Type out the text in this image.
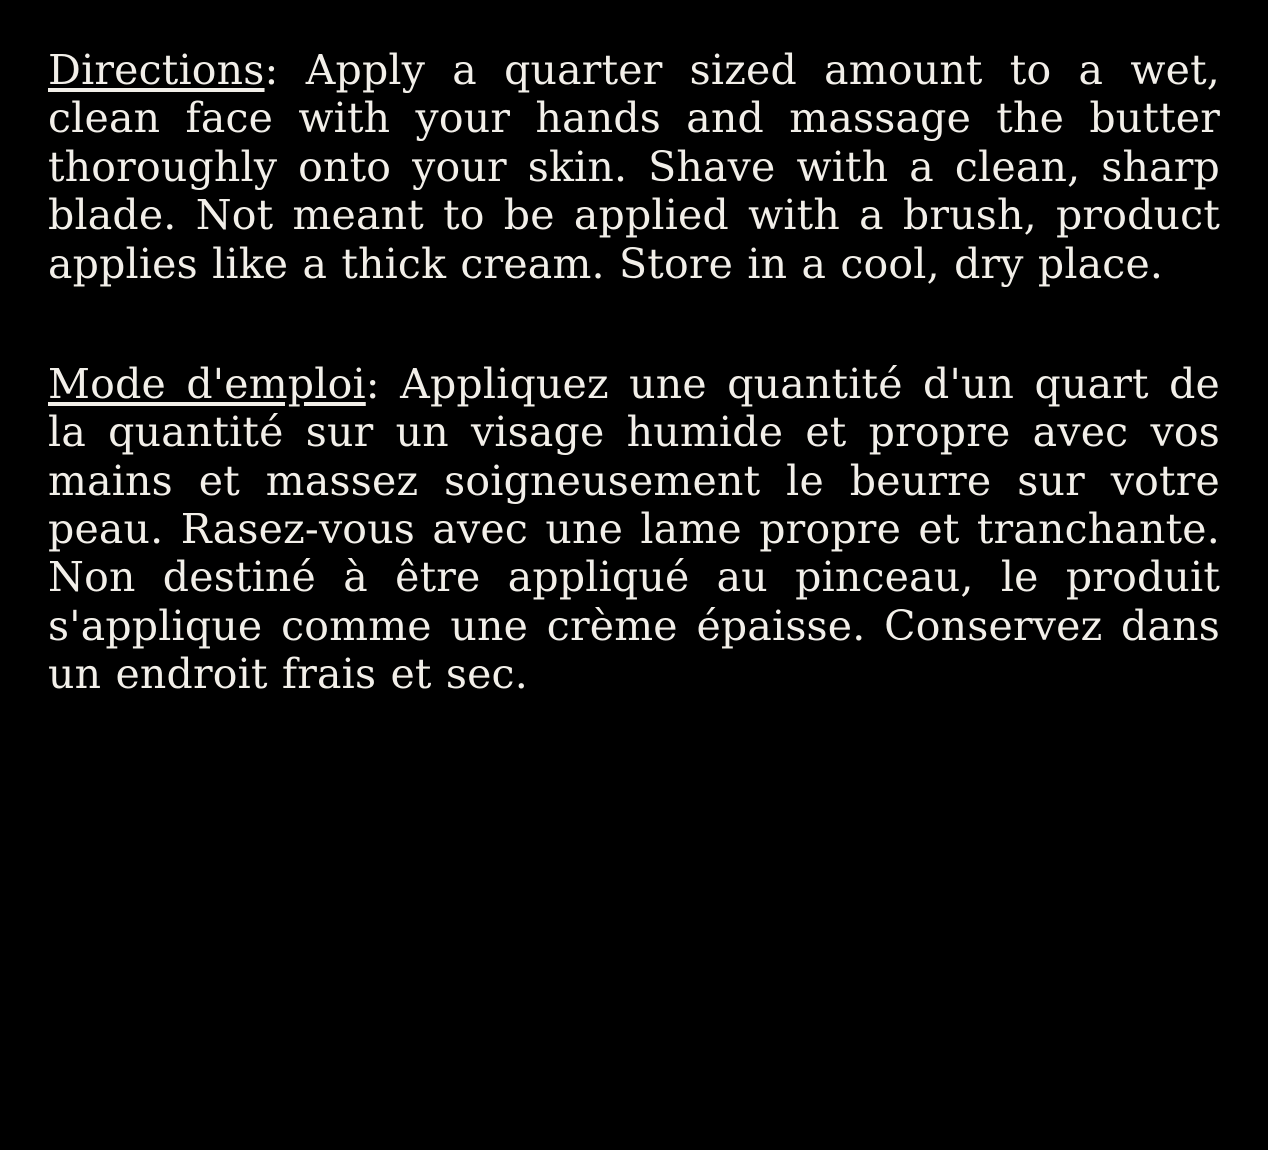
Directions: Apply a quarter sized amount to a wet, clean face with your hands and massage the butter thoroughly onto your skin. Shave with a clean, sharp blade. Not meant to be applied with a brush, product applies like a thick cream. Store in a cool, dry place.

Mode d'emploi: Appliquez une quantité d'un quart de la quantité sur un visage humide et propre avec vos mains et massez soigneusement le beurre sur votre peau. Rasez-vous avec une lame propre et tranchante. Non destiné à être appliqué au pinceau, le produit s'applique comme une crème épaisse. Conservez dans un endroit frais et sec.
